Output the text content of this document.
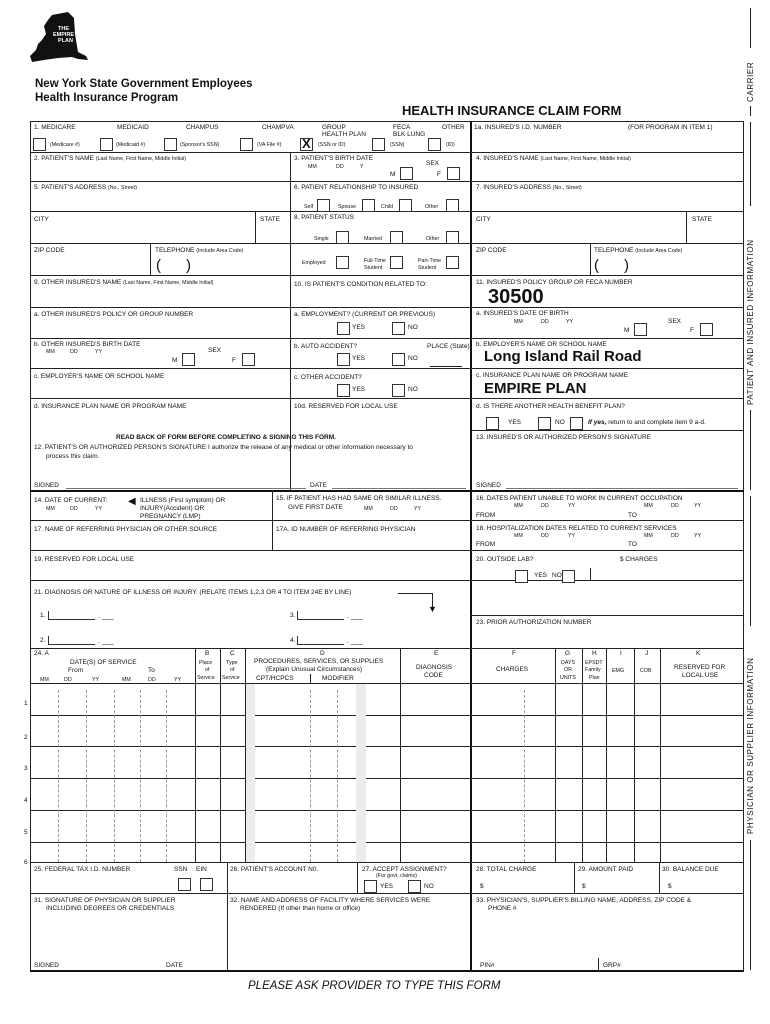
THE
EMPIRE
PLAN
New York State Government Employees
Health Insurance Program
HEALTH INSURANCE CLAIM FORM
CARRIER
PATIENT AND INSURED INFORMATION
PHYSICIAN OR SUPPLIER INFORMATION
1. MEDICARE	MEDICAID	CHAMPUS	CHAMPVA	GROUP
HEALTH PLAN
FECA
BLK LUNG
OTHER
(Medicare #)	(Medicaid #)	(Sponsor's SSN)	(VA File #) X (SSN or ID)	(SSN)	(ID)
1a. INSURED'S I.D. NUMBER	(FOR PROGRAM IN ITEM 1)
2. PATIENT'S NAME (Last Name, First Name, Middle Initial)	3. PATIENT'S BIRTH DATE
MM	DD	Y	SEX
M	F
4. INSURED'S NAME (Last Name, First Name, Middle Initial)
5. PATIENT'S ADDRESS (No., Street)	6. PATIENT RELATIONSHIP TO INSURED
Self	Spouse	Child	Other
7. INSURED'S ADDRESS (No., Street)
CITY	STATE 8. PATIENT STATUS
Single	Married	Other
CITY	STATE
ZIP CODE	TELEPHONE (Include Area Code)
(      )	Employed	Full-Time
Student
Part-Time
Student
ZIP CODE	TELEPHONE (Include Area Code)
(      )
9. OTHER INSURED'S NAME (Last Name, First Name, Middle Initial)	10. IS PATIENT'S CONDITION RELATED TO:	11. INSURED'S POLICY GROUP OR FECA NUMBER
30500
a. OTHER INSURED'S POLICY OR GROUP NUMBER	a. EMPLOYMENT? (CURRENT OR PREVIOUS)
YES	NO
a. INSURED'S DATE OF BIRTH
MM	DD	YY	SEX
M	F
b. OTHER INSURED'S BIRTH DATE
MM	DD	YY	SEX
M	F
b. AUTO ACCIDENT?	PLACE (State)
YES	NO
b. EMPLOYER'S NAME OR SCHOOL NAME
Long Island Rail Road
c. EMPLOYER'S NAME OR SCHOOL NAME	c. OTHER ACCIDENT?
YES	NO
c. INSURANCE PLAN NAME OR PROGRAM NAME
EMPIRE PLAN
d. INSURANCE PLAN NAME OR PROGRAM NAME	10d. RESERVED FOR LOCAL USE	d. IS THERE ANOTHER HEALTH BENEFIT PLAN?
YES	NO	If yes, return to and complete item 9 a-d.
READ BACK OF FORM BEFORE COMPLETING & SIGNING THIS FORM.
12. PATIENT'S OR AUTHORIZED PERSON'S SIGNATURE I authorize the release of any medical or other information necessary to
process this claim.
SIGNED	DATE
13. INSURED'S OR AUTHORIZED PERSON'S SIGNATURE
SIGNED
14. DATE OF CURRENT:
MM	DD	YY
◀ ILLNESS (First symptom) OR
INJURY(Accident) OR
PREGNANCY (LMP)
15. IF PATIENT HAS HAD SAME OR SIMILAR ILLNESS.
GIVE FIRST DATE	MM	DD	YY
16. DATES PATIENT UNABLE TO WORK IN CURRENT OCCUPATION
MM	DD	YY	MM	DD	YY
FROM	TO
17. NAME OF REFERRING PHYSICIAN OR OTHER SOURCE	17A. ID NUMBER OF REFERRING PHYSICIAN	18. HOSPITALIZATION DATES RELATED TO CURRENT SERVICES
MM	DD	YY	MM	DD	YY
FROM	TO
19. RESERVED FOR LOCAL USE	20. OUTSIDE LAB?	$ CHARGES
YES NO
21. DIAGNOSIS OR NATURE OF ILLNESS OR INJURY. (RELATE ITEMS 1,2,3 OR 4 TO ITEM 24E BY LINE)
▼
1.	. ___	3.	. ___
23. PRIOR AUTHORIZATION NUMBER
2.	. ___	4.	. ___
24. A
DATE(S) OF SERVICE
From	To
MM	DD	YY	MM	DD	YY
B
Place
of
Service
C
Type
of
Service
D
PROCEDURES, SERVICES, OR SUPPLIES
(Explain Unusual Circumstances)
CPT/HCPCS	MODIFIER
E
DIAGNOSIS
CODE
F
CHARGES
G
DAYS
OR
UNITS
H
EPSDT
Family
Plan
I
EMG
J
COB
K
RESERVED FOR
LOCAL USE
1
2
3
4
5
6
25. FEDERAL TAX I.D. NUMBER	SSN EIN	26. PATIENT'S ACCOUNT N0.	27. ACCEPT ASSIGNMENT?
(For govt. claims)
YES	NO
28. TOTAL CHARGE
$
29. AMOUNT PAID
$
30. BALANCE DUE
$
31. SIGNATURE OF PHYSICIAN OR SUPPLIER
INCLUDING DEGREES OR CREDENTIALS
SIGNED	DATE
32. NAME AND ADDRESS OF FACILITY WHERE SERVICES WERE
RENDERED (If other than home or office)
33. PHYSICIAN'S, SUPPLIER'S BILLING NAME, ADDRESS, ZIP CODE &
PHONE #
PIN#	GRP#
PLEASE ASK PROVIDER TO TYPE THIS FORM
